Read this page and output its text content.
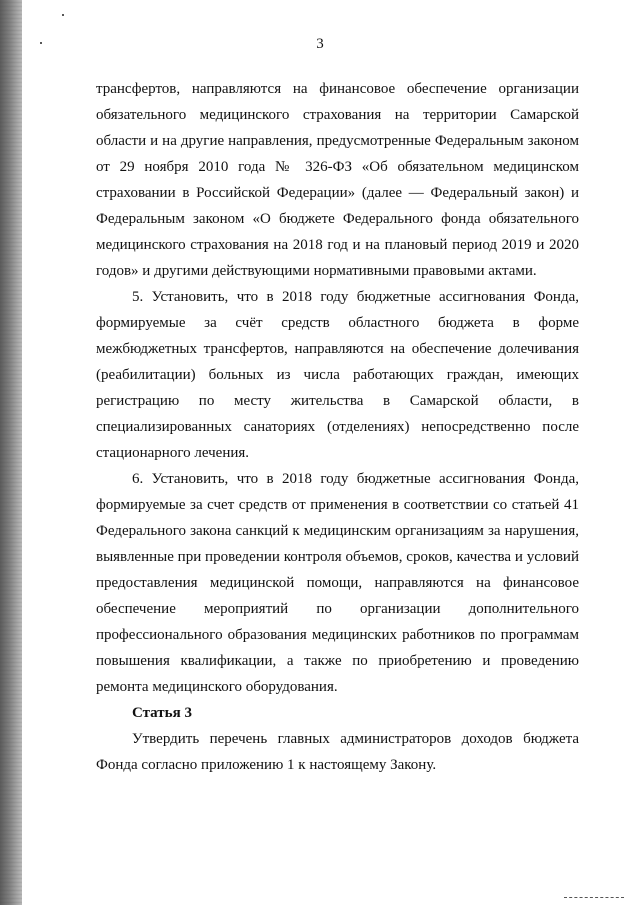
3

трансфертов, направляются на финансовое обеспечение организации обязательного медицинского страхования на территории Самарской области и на другие направления, предусмотренные Федеральным законом от 29 ноября 2010 года № 326-ФЗ «Об обязательном медицинском страховании в Российской Федерации» (далее — Федеральный закон) и Федеральным законом «О бюджете Федерального фонда обязательного медицинского страхования на 2018 год и на плановый период 2019 и 2020 годов» и другими действующими нормативными правовыми актами.

5. Установить, что в 2018 году бюджетные ассигнования Фонда, формируемые за счёт средств областного бюджета в форме межбюджетных трансфертов, направляются на обеспечение долечивания (реабилитации) больных из числа работающих граждан, имеющих регистрацию по месту жительства в Самарской области, в специализированных санаториях (отделениях) непосредственно после стационарного лечения.

6. Установить, что в 2018 году бюджетные ассигнования Фонда, формируемые за счет средств от применения в соответствии со статьей 41 Федерального закона санкций к медицинским организациям за нарушения, выявленные при проведении контроля объемов, сроков, качества и условий предоставления медицинской помощи, направляются на финансовое обеспечение мероприятий по организации дополнительного профессионального образования медицинских работников по программам повышения квалификации, а также по приобретению и проведению ремонта медицинского оборудования.

Статья 3

Утвердить перечень главных администраторов доходов бюджета Фонда согласно приложению 1 к настоящему Закону.
